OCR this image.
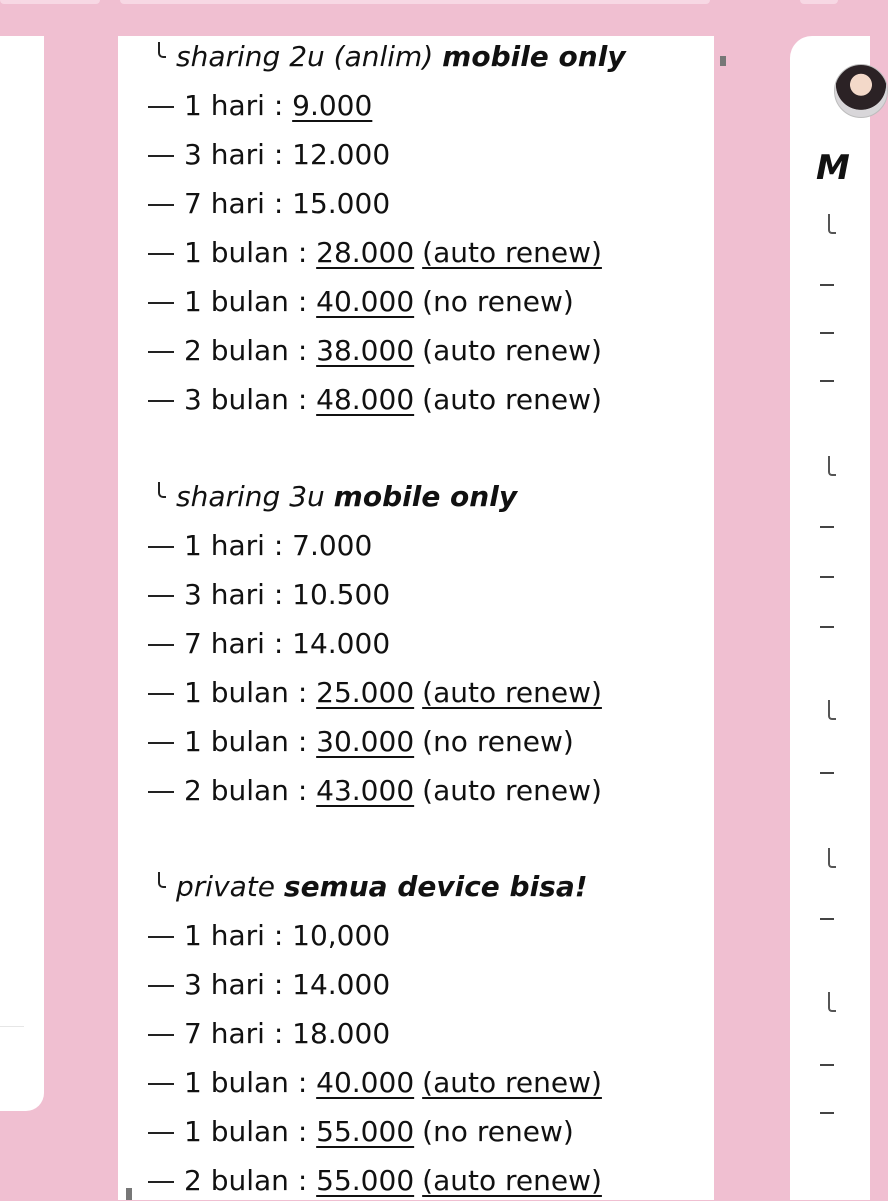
sharing 2u (anlim) mobile only
1 hari : 9.000
3 hari : 12.000
7 hari : 15.000
1 bulan : 28.000 (auto renew)
1 bulan : 40.000 (no renew)
2 bulan : 38.000 (auto renew)
3 bulan : 48.000 (auto renew)
sharing 3u mobile only
1 hari : 7.000
3 hari : 10.500
7 hari : 14.000
1 bulan : 25.000 (auto renew)
1 bulan : 30.000 (no renew)
2 bulan : 43.000 (auto renew)
private semua device bisa!
1 hari : 10,000
3 hari : 14.000
7 hari : 18.000
1 bulan : 40.000 (auto renew)
1 bulan : 55.000 (no renew)
2 bulan : 55.000 (auto renew)
M
